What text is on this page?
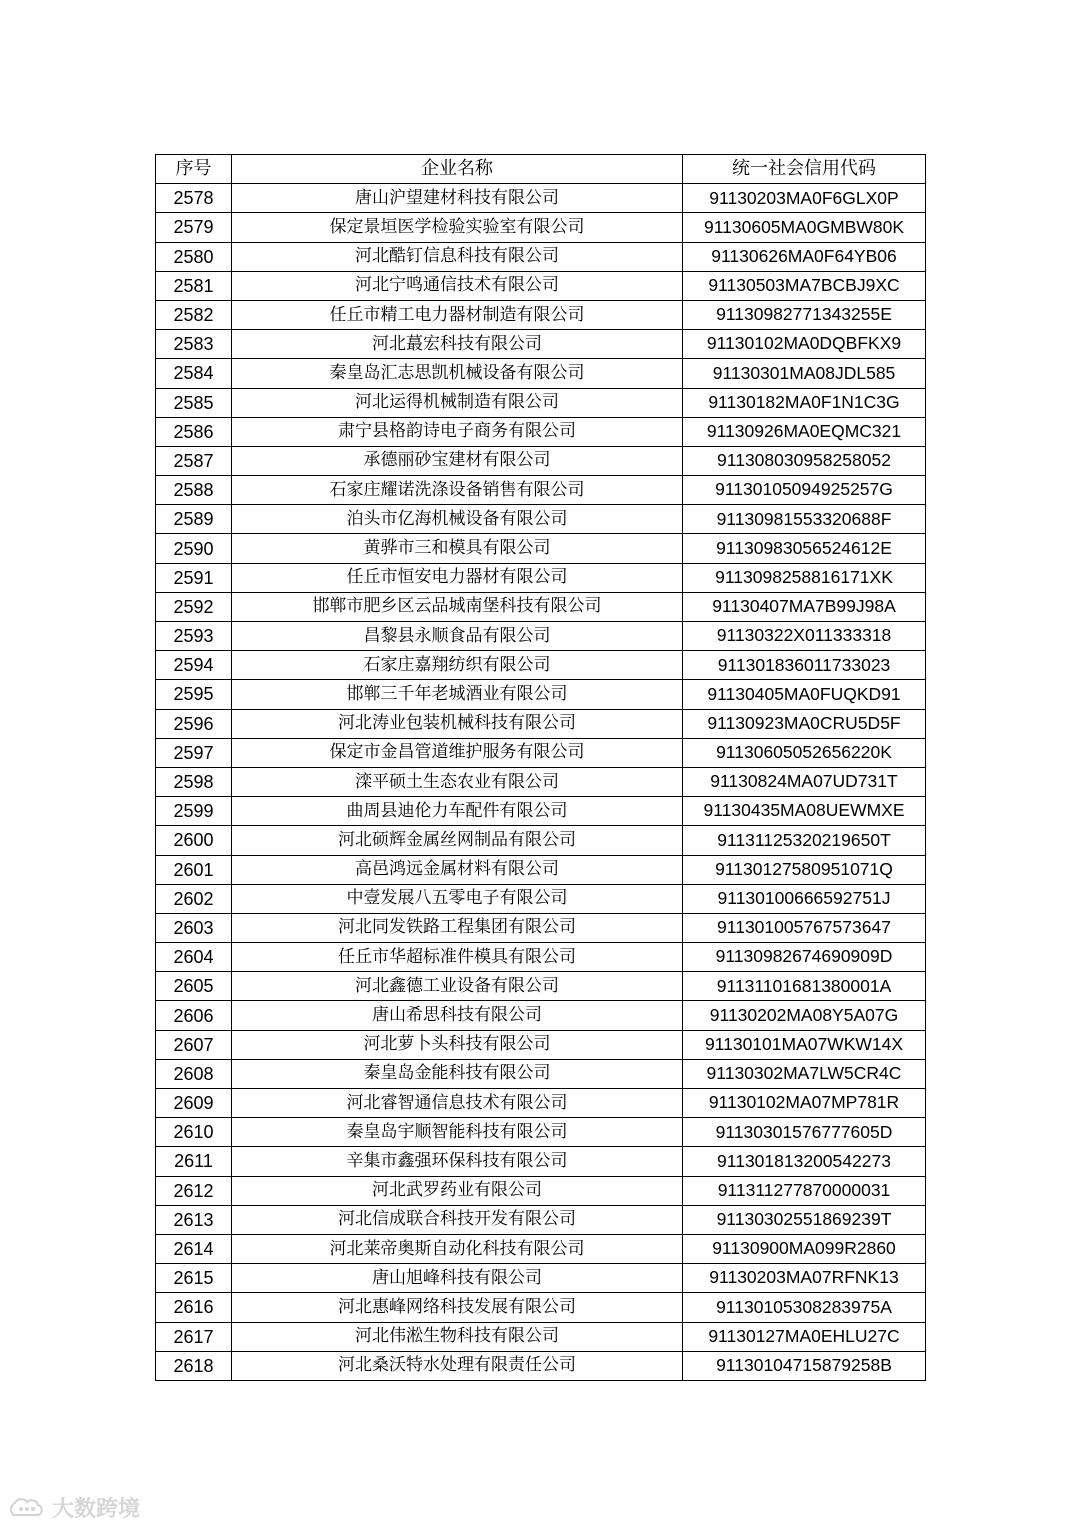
序号	企业名称	统一社会信用代码
2578	唐山沪望建材科技有限公司	91130203MA0F6GLX0P
2579	保定景垣医学检验实验室有限公司	91130605MA0GMBW80K
2580	河北酷钉信息科技有限公司	91130626MA0F64YB06
2581	河北宁鸣通信技术有限公司	91130503MA7BCBJ9XC
2582	任丘市精工电力器材制造有限公司	91130982771343255E
2583	河北蕞宏科技有限公司	91130102MA0DQBFKX9
2584	秦皇岛汇志思凯机械设备有限公司	91130301MA08JDL585
2585	河北运得机械制造有限公司	91130182MA0F1N1C3G
2586	肃宁县格韵诗电子商务有限公司	91130926MA0EQMC321
2587	承德丽砂宝建材有限公司	911308030958258052
2588	石家庄耀诺洗涤设备销售有限公司	91130105094925257G
2589	泊头市亿海机械设备有限公司	91130981553320688F
2590	黄骅市三和模具有限公司	91130983056524612E
2591	任丘市恒安电力器材有限公司	9113098258816171XK
2592	邯郸市肥乡区云品城南堡科技有限公司	91130407MA7B99J98A
2593	昌黎县永顺食品有限公司	91130322X011333318
2594	石家庄嘉翔纺织有限公司	911301836011733023
2595	邯郸三千年老城酒业有限公司	91130405MA0FUQKD91
2596	河北涛业包装机械科技有限公司	91130923MA0CRU5D5F
2597	保定市金昌管道维护服务有限公司	91130605052656220K
2598	滦平硕土生态农业有限公司	91130824MA07UD731T
2599	曲周县迪伦力车配件有限公司	91130435MA08UEWMXE
2600	河北硕辉金属丝网制品有限公司	91131125320219650T
2601	高邑鸿远金属材料有限公司	91130127580951071Q
2602	中壹发展八五零电子有限公司	91130100666592751J
2603	河北同发铁路工程集团有限公司	911301005767573647
2604	任丘市华超标准件模具有限公司	91130982674690909D
2605	河北鑫德工业设备有限公司	91131101681380001A
2606	唐山希思科技有限公司	91130202MA08Y5A07G
2607	河北萝卜头科技有限公司	91130101MA07WKW14X
2608	秦皇岛金能科技有限公司	91130302MA7LW5CR4C
2609	河北睿智通信息技术有限公司	91130102MA07MP781R
2610	秦皇岛宇顺智能科技有限公司	91130301576777605D
2611	辛集市鑫强环保科技有限公司	911301813200542273
2612	河北武罗药业有限公司	911311277870000031
2613	河北信成联合科技开发有限公司	91130302551869239T
2614	河北莱帝奥斯自动化科技有限公司	91130900MA099R2860
2615	唐山旭峰科技有限公司	91130203MA07RFNK13
2616	河北惠峰网络科技发展有限公司	91130105308283975A
2617	河北伟淞生物科技有限公司	91130127MA0EHLU27C
2618	河北桑沃特水处理有限责任公司	91130104715879258B
大数跨境
